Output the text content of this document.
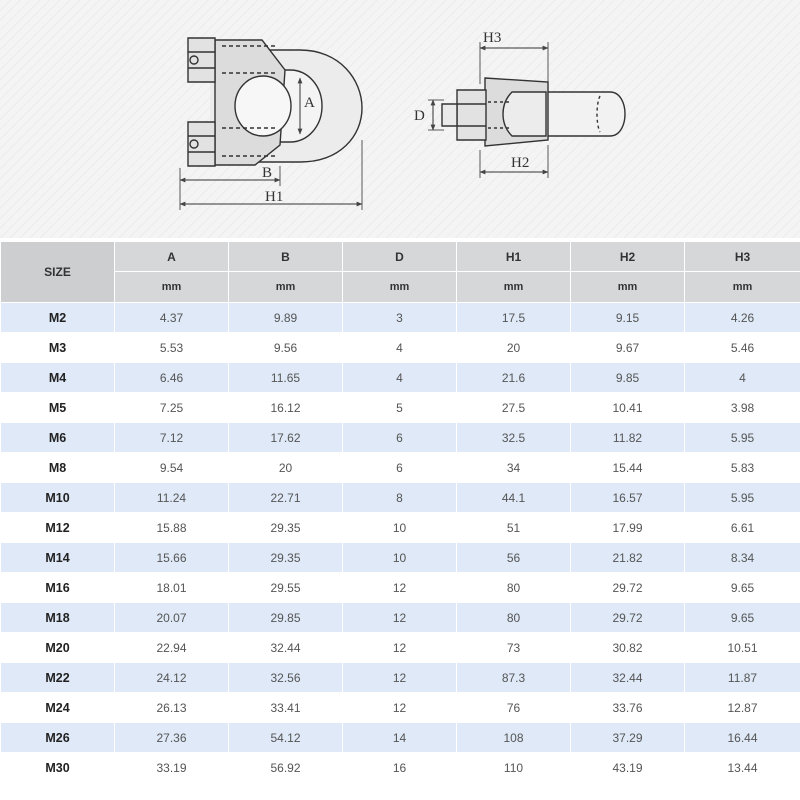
A
B
H1
H3
D
H2
SIZE	A	B	D	H1	H2	H3
	mm	mm	mm	mm	mm	mm
M2	4.37	9.89	3	17.5	9.15	4.26
M3	5.53	9.56	4	20	9.67	5.46
M4	6.46	11.65	4	21.6	9.85	4
M5	7.25	16.12	5	27.5	10.41	3.98
M6	7.12	17.62	6	32.5	11.82	5.95
M8	9.54	20	6	34	15.44	5.83
M10	11.24	22.71	8	44.1	16.57	5.95
M12	15.88	29.35	10	51	17.99	6.61
M14	15.66	29.35	10	56	21.82	8.34
M16	18.01	29.55	12	80	29.72	9.65
M18	20.07	29.85	12	80	29.72	9.65
M20	22.94	32.44	12	73	30.82	10.51
M22	24.12	32.56	12	87.3	32.44	11.87
M24	26.13	33.41	12	76	33.76	12.87
M26	27.36	54.12	14	108	37.29	16.44
M30	33.19	56.92	16	110	43.19	13.44
